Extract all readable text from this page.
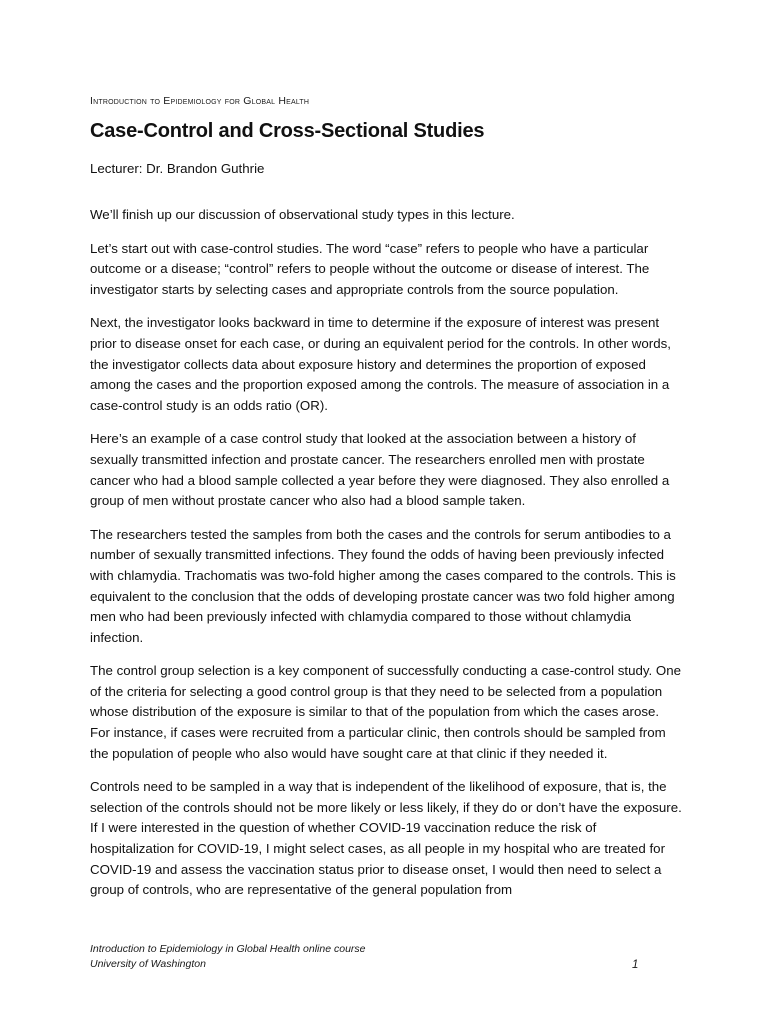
Introduction to Epidemiology for Global Health
Case-Control and Cross-Sectional Studies
Lecturer: Dr. Brandon Guthrie

We’ll finish up our discussion of observational study types in this lecture.

Let’s start out with case-control studies. The word “case” refers to people who have a particular outcome or a disease; “control” refers to people without the outcome or disease of interest. The investigator starts by selecting cases and appropriate controls from the source population.

Next, the investigator looks backward in time to determine if the exposure of interest was present prior to disease onset for each case, or during an equivalent period for the controls. In other words, the investigator collects data about exposure history and determines the proportion of exposed among the cases and the proportion exposed among the controls. The measure of association in a case-control study is an odds ratio (OR).

Here’s an example of a case control study that looked at the association between a history of sexually transmitted infection and prostate cancer. The researchers enrolled men with prostate cancer who had a blood sample collected a year before they were diagnosed. They also enrolled a group of men without prostate cancer who also had a blood sample taken.

The researchers tested the samples from both the cases and the controls for serum antibodies to a number of sexually transmitted infections. They found the odds of having been previously infected with chlamydia. Trachomatis was two-fold higher among the cases compared to the controls. This is equivalent to the conclusion that the odds of developing prostate cancer was two fold higher among men who had been previously infected with chlamydia compared to those without chlamydia infection.

The control group selection is a key component of successfully conducting a case-control study. One of the criteria for selecting a good control group is that they need to be selected from a population whose distribution of the exposure is similar to that of the population from which the cases arose. For instance, if cases were recruited from a particular clinic, then controls should be sampled from the population of people who also would have sought care at that clinic if they needed it.

Controls need to be sampled in a way that is independent of the likelihood of exposure, that is, the selection of the controls should not be more likely or less likely, if they do or don’t have the exposure. If I were interested in the question of whether COVID-19 vaccination reduce the risk of hospitalization for COVID-19, I might select cases, as all people in my hospital who are treated for COVID-19 and assess the vaccination status prior to disease onset, I would then need to select a group of controls, who are representative of the general population from

Introduction to Epidemiology in Global Health online course
University of Washington	1
